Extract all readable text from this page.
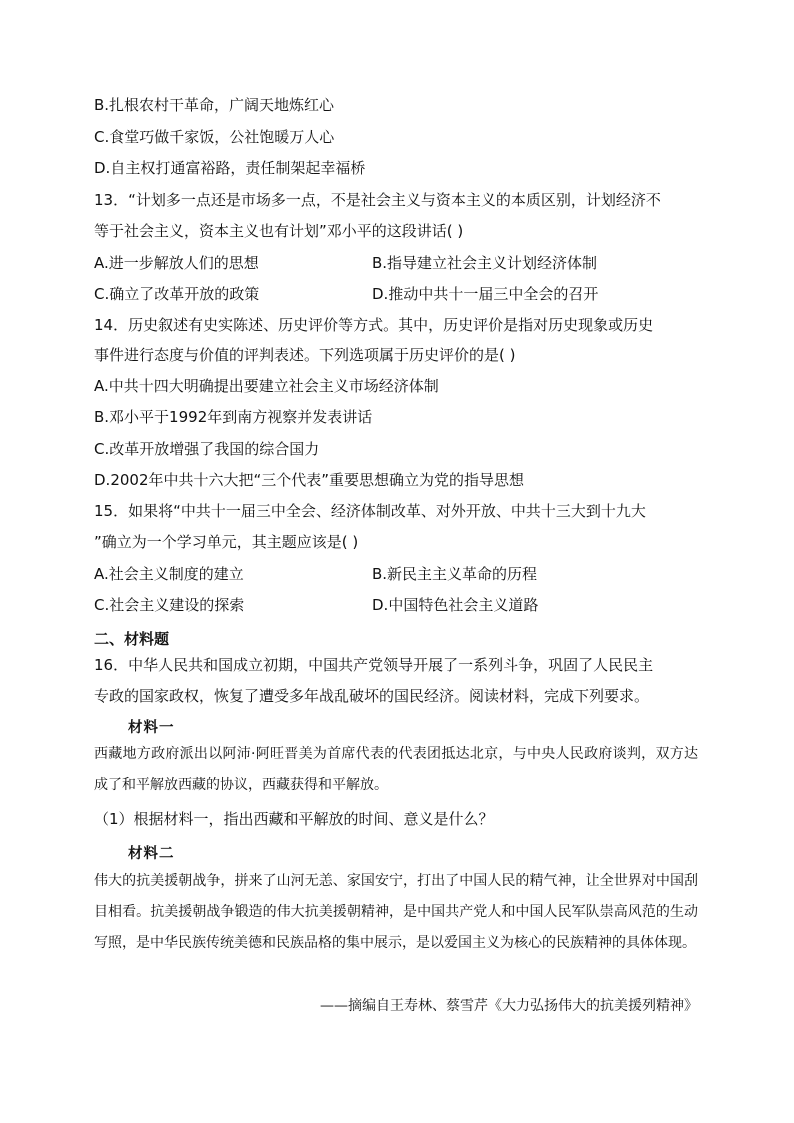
B.扎根农村干革命，广阔天地炼红心
C.食堂巧做千家饭，公社饱暖万人心
D.自主权打通富裕路，责任制架起幸福桥
13．“计划多一点还是市场多一点，不是社会主义与资本主义的本质区别，计划经济不
等于社会主义，资本主义也有计划”邓小平的这段讲话( )
A.进一步解放人们的思想	B.指导建立社会主义计划经济体制
C.确立了改革开放的政策	D.推动中共十一届三中全会的召开
14．历史叙述有史实陈述、历史评价等方式。其中，历史评价是指对历史现象或历史
事件进行态度与价值的评判表述。下列选项属于历史评价的是( )
A.中共十四大明确提出要建立社会主义市场经济体制
B.邓小平于1992年到南方视察并发表讲话
C.改革开放增强了我国的综合国力
D.2002年中共十六大把“三个代表”重要思想确立为党的指导思想
15．如果将“中共十一届三中全会、经济体制改革、对外开放、中共十三大到十九大
”确立为一个学习单元，其主题应该是( )
A.社会主义制度的建立	B.新民主主义革命的历程
C.社会主义建设的探索	D.中国特色社会主义道路
二、材料题
16．中华人民共和国成立初期，中国共产党领导开展了一系列斗争，巩固了人民民主
专政的国家政权，恢复了遭受多年战乱破坏的国民经济。阅读材料，完成下列要求。
材料一
西藏地方政府派出以阿沛·阿旺晋美为首席代表的代表团抵达北京，与中央人民政府谈判，双方达成了和平解放西藏的协议，西藏获得和平解放。
（1）根据材料一，指出西藏和平解放的时间、意义是什么？
材料二
伟大的抗美援朝战争，拼来了山河无恙、家国安宁，打出了中国人民的精气神，让全世界对中国刮目相看。抗美援朝战争锻造的伟大抗美援朝精神，是中国共产党人和中国人民军队崇高风范的生动写照，是中华民族传统美德和民族品格的集中展示，是以爱国主义为核心的民族精神的具体体现。
——摘编自王寿林、蔡雪芹《大力弘扬伟大的抗美援列精神》
